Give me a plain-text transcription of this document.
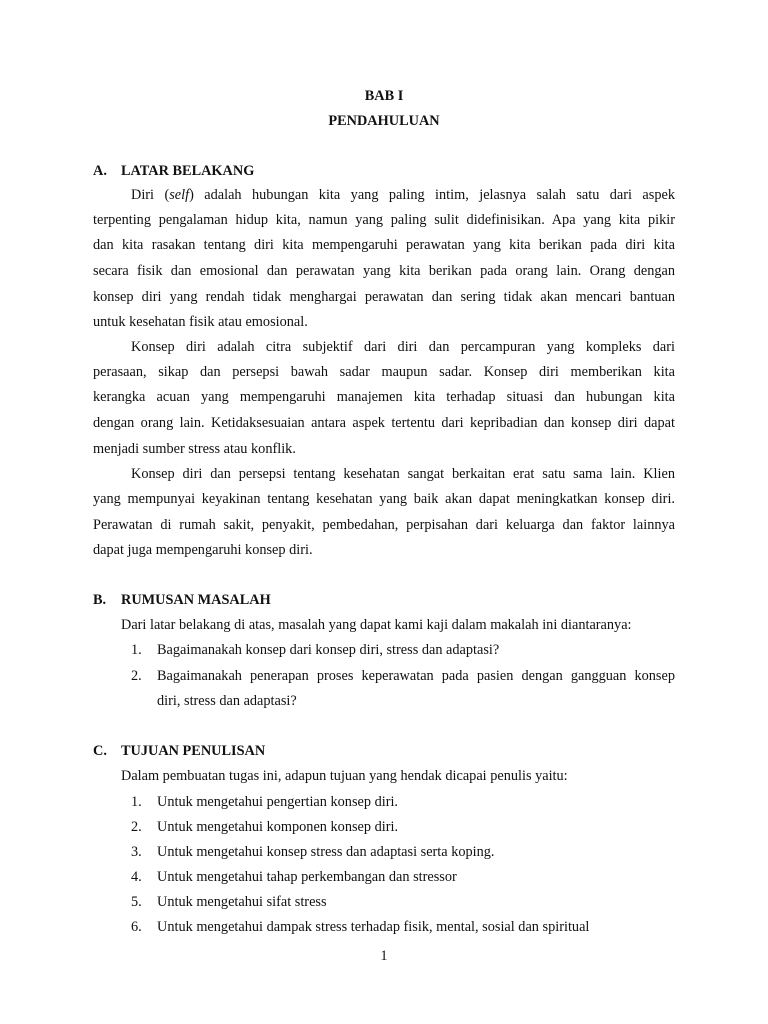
BAB I
PENDAHULUAN
A. LATAR BELAKANG
Diri (self) adalah hubungan kita yang paling intim, jelasnya salah satu dari aspek
terpenting pengalaman hidup kita, namun yang paling sulit didefinisikan. Apa yang kita pikir
dan kita rasakan tentang diri kita mempengaruhi perawatan yang kita berikan pada diri kita
secara fisik dan emosional dan perawatan yang kita berikan pada orang lain. Orang dengan
konsep diri yang rendah tidak menghargai perawatan dan sering tidak akan mencari bantuan
untuk kesehatan fisik atau emosional.
Konsep diri adalah citra subjektif dari diri dan percampuran yang kompleks dari
perasaan, sikap dan persepsi bawah sadar maupun sadar. Konsep diri memberikan kita
kerangka acuan yang mempengaruhi manajemen kita terhadap situasi dan hubungan kita
dengan orang lain. Ketidaksesuaian antara aspek tertentu dari kepribadian dan konsep diri dapat
menjadi sumber stress atau konflik.
Konsep diri dan persepsi tentang kesehatan sangat berkaitan erat satu sama lain. Klien
yang mempunyai keyakinan tentang kesehatan yang baik akan dapat meningkatkan konsep diri.
Perawatan di rumah sakit, penyakit, pembedahan, perpisahan dari keluarga dan faktor lainnya
dapat juga mempengaruhi konsep diri.
B. RUMUSAN MASALAH
Dari latar belakang di atas, masalah yang dapat kami kaji dalam makalah ini diantaranya:
1. Bagaimanakah konsep dari konsep diri, stress dan adaptasi?
2. Bagaimanakah penerapan proses keperawatan pada pasien dengan gangguan konsep
diri, stress dan adaptasi?
C. TUJUAN PENULISAN
Dalam pembuatan tugas ini, adapun tujuan yang hendak dicapai penulis yaitu:
1. Untuk mengetahui pengertian konsep diri.
2. Untuk mengetahui komponen konsep diri.
3. Untuk mengetahui konsep stress dan adaptasi serta koping.
4. Untuk mengetahui tahap perkembangan dan stressor
5. Untuk mengetahui sifat stress
6. Untuk mengetahui dampak stress terhadap fisik, mental, sosial dan spiritual
1
